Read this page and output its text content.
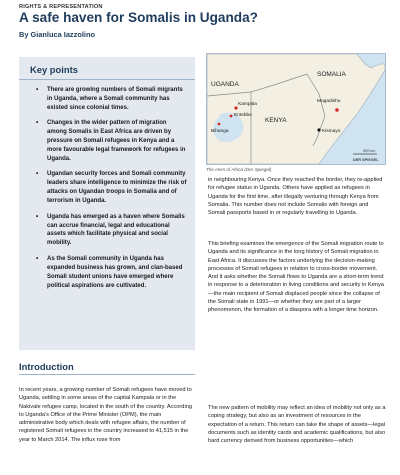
RIGHTS & REPRESENTATION
A safe haven for Somalis in Uganda?
By Gianluca Iazzolino
Key points
• There are growing numbers of Somali migrants in Uganda, where a Somali community has existed since colonial times.
• Changes in the wider pattern of migration among Somalis in East Africa are driven by pressure on Somali refugees in Kenya and a more favourable legal framework for refugees in Uganda.
• Ugandan security forces and Somali community leaders share intelligence to minimize the risk of attacks on Ugandan troops in Somalia and of terrorism in Uganda.
• Uganda has emerged as a haven where Somalis can accrue financial, legal and educational assets which facilitate physical and social mobility.
• As the Somali community in Uganda has expanded business has grown, and clan-based Somali student unions have emerged where political aspirations are cultivated.
Introduction

In recent years, a growing number of Somali refugees have moved to Uganda, settling in some areas of the capital Kampala or in the Nakivale refugee camp, located in the south of the country. According to Uganda's Office of the Prime Minister (OPM), the main administrative body which deals with refugee affairs, the number of registered Somali refugees in the country increased to 41,515 in the year to March 2014. The influx rose from

UGANDA
KENYA
SOMALIA
Kampala
Entebbe
Bihanga
Mogadishu
Kismayo
500 km
DER SPIEGEL
The Horn of Africa (Der Spiegel)

in neighbouring Kenya. Once they reached the border, they re-applied for refugee status in Uganda. Others have applied as refugees in Uganda for the first time, after illegally venturing through Kenya from Somalia. This number does not include Somalis with foreign and Somali passports based in or regularly travelling to Uganda.

This briefing examines the emergence of the Somali migration route to Uganda and its significance in the long history of Somali migration in East Africa. It discusses the factors underlying the decision-making processes of Somali refugees in relation to cross-border movement. And it asks whether the Somali flows to Uganda are a short-term trend in response to a deterioration in living conditions and security in Kenya—the main recipient of Somali displaced people since the collapse of the Somali state in 1991—or whether they are part of a larger phenomenon, the formation of a diaspora with a longer time horizon.

The new pattern of mobility may reflect an idea of mobility not only as a coping strategy, but also as an investment of resources in the expectation of a return. This return can take the shape of assets—legal documents such as identity cards and academic qualifications, but also hard currency derived from business opportunities—which
